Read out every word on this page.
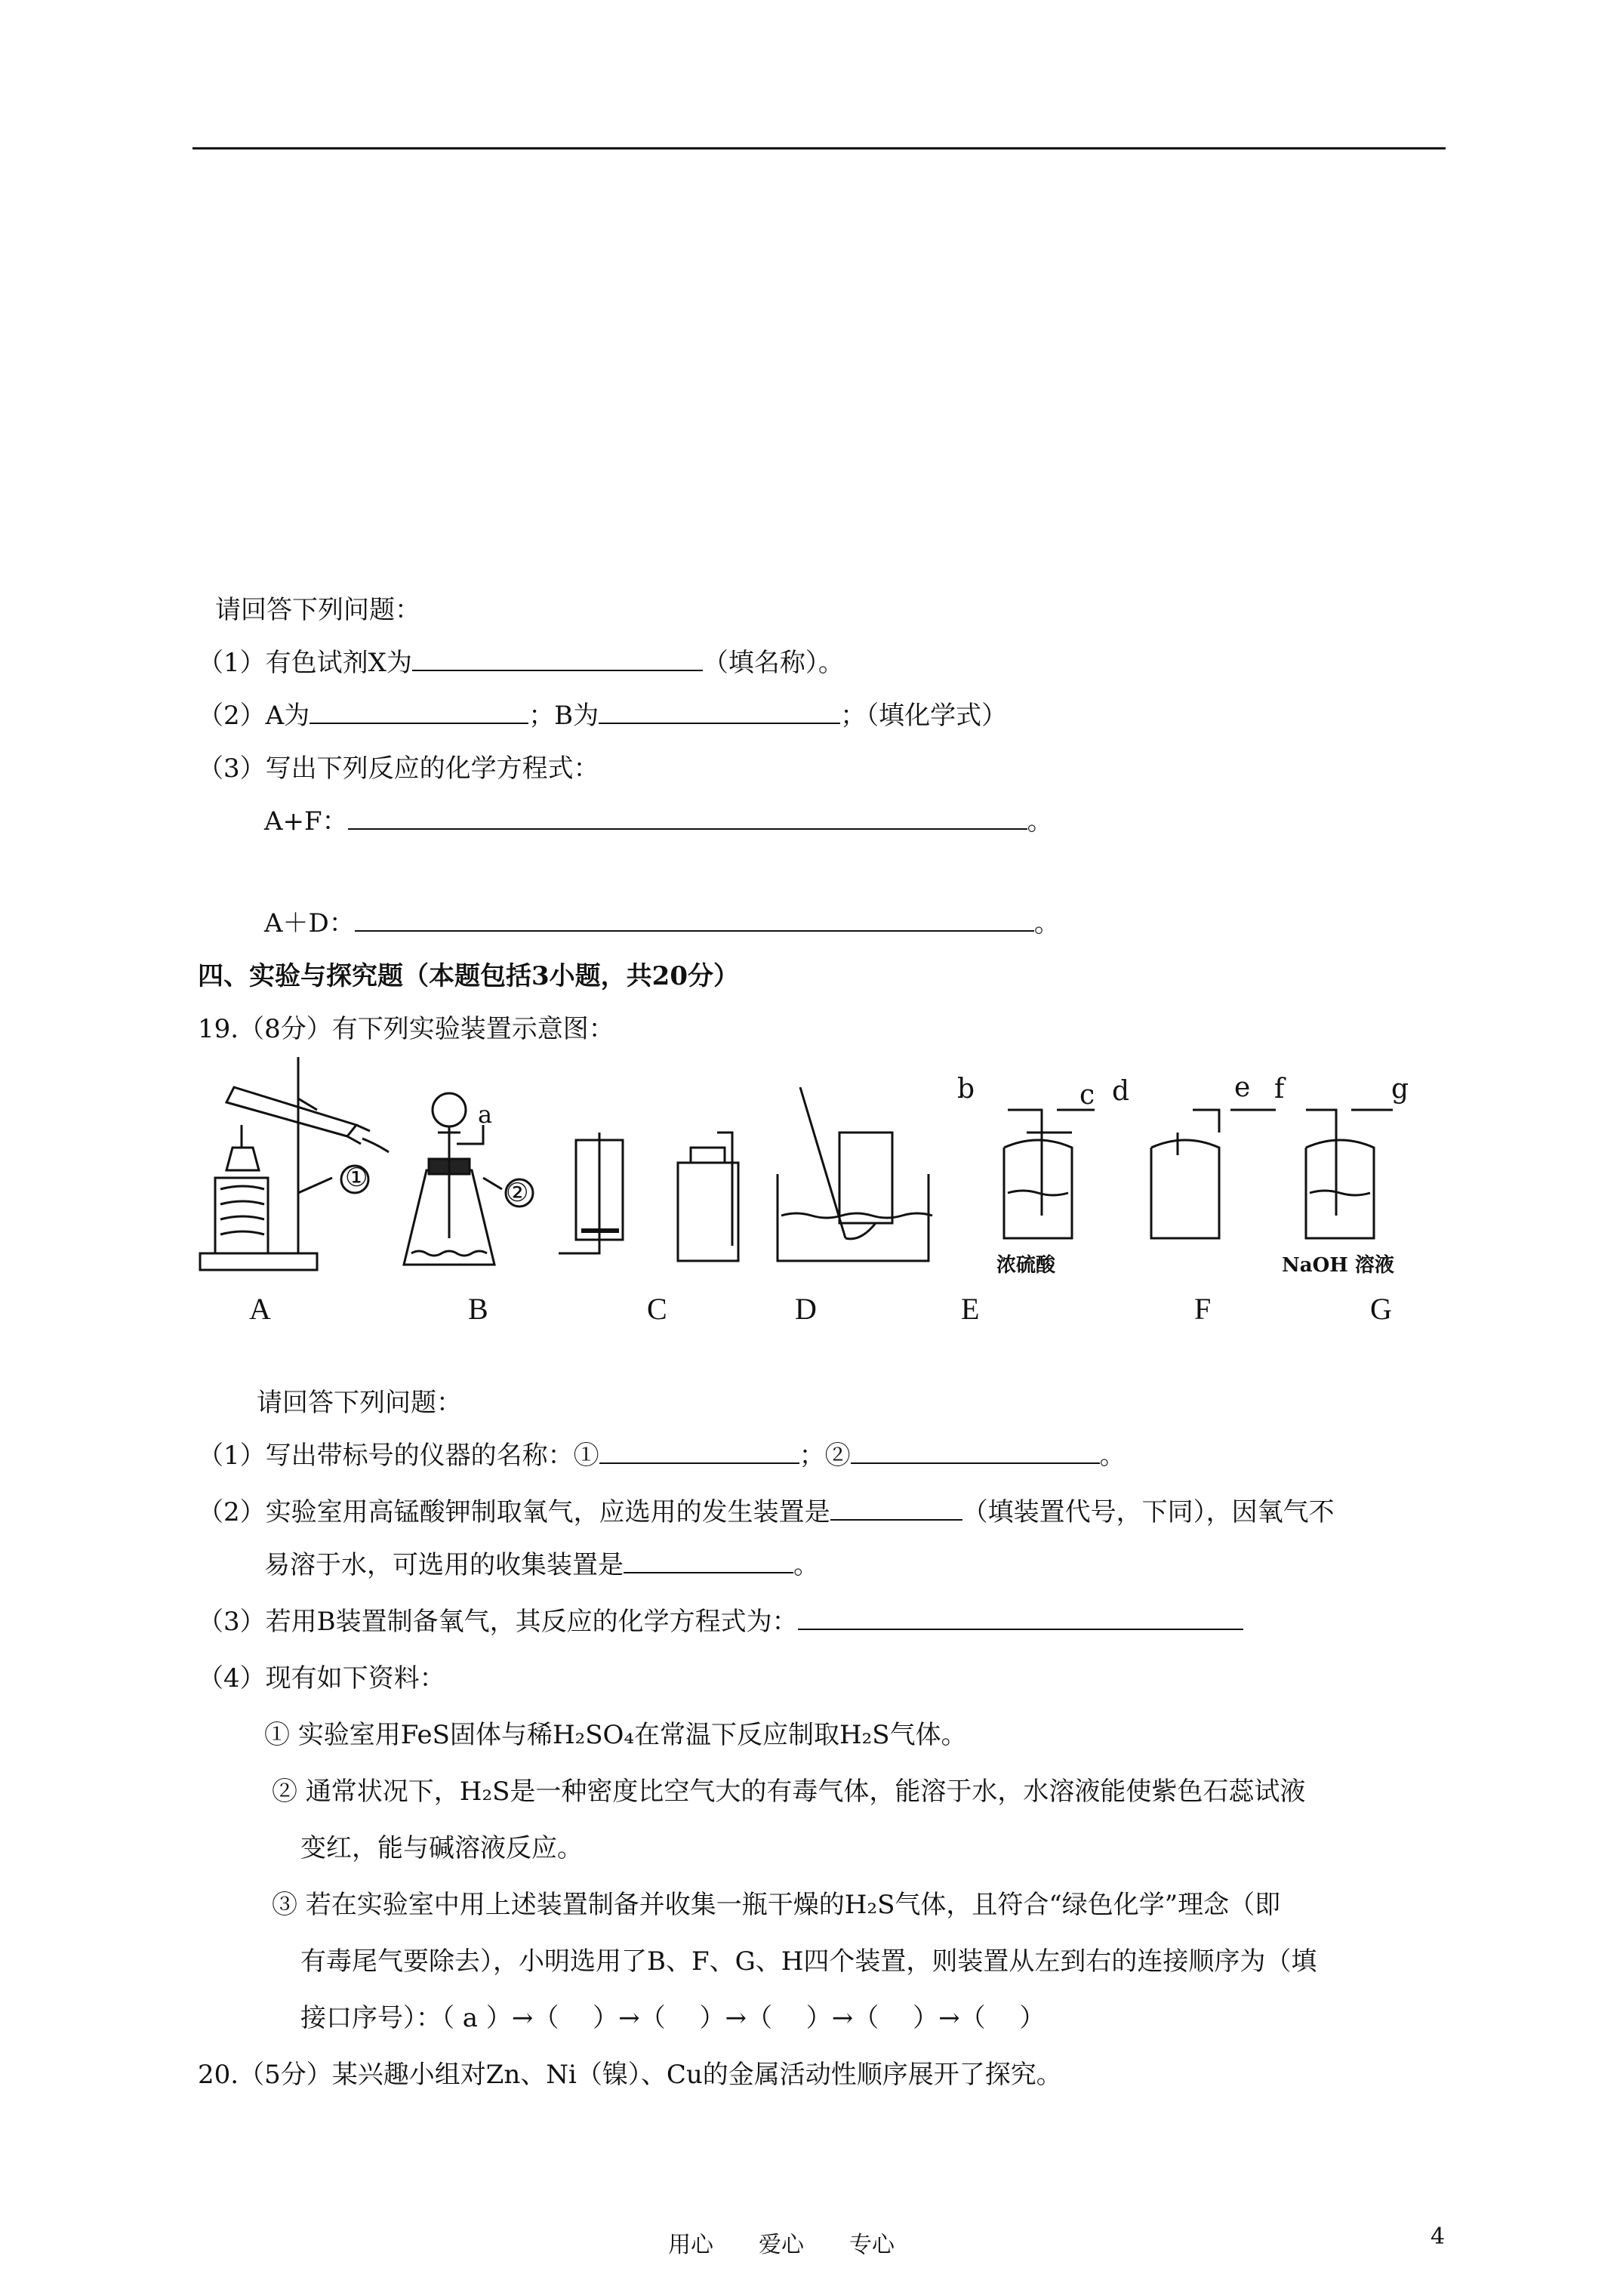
请回答下列问题：
（1）有色试剂X为	（填名称）。
（2）A为	；B为	；（填化学式）
（3）写出下列反应的化学方程式：
A+F：	。
A＋D：	。
四、实验与探究题（本题包括3小题，共20分）
19.（8分）有下列实验装置示意图：
A	B	C	D	E	F	G
①	②
a
b	c d	e f	g
浓硫酸	NaOH 溶液
请回答下列问题：
（1）写出带标号的仪器的名称：①	；②	。
（2）实验室用高锰酸钾制取氧气，应选用的发生装置是	（填装置代号，下同），因氧气不
易溶于水，可选用的收集装置是	。
（3）若用B装置制备氧气，其反应的化学方程式为：
（4）现有如下资料：
① 实验室用FeS固体与稀H₂SO₄在常温下反应制取H₂S气体。
② 通常状况下，H₂S是一种密度比空气大的有毒气体，能溶于水，水溶液能使紫色石蕊试液
变红，能与碱溶液反应。
③ 若在实验室中用上述装置制备并收集一瓶干燥的H₂S气体，且符合“绿色化学”理念（即
有毒尾气要除去），小明选用了B、F、G、H四个装置，则装置从左到右的连接顺序为（填
接口序号）：（ a ）→（　 ）→（　 ）→（　 ）→（　 ）→（　 ）
20.（5分）某兴趣小组对Zn、Ni（镍）、Cu的金属活动性顺序展开了探究。
用心　　爱心　　专心	4
